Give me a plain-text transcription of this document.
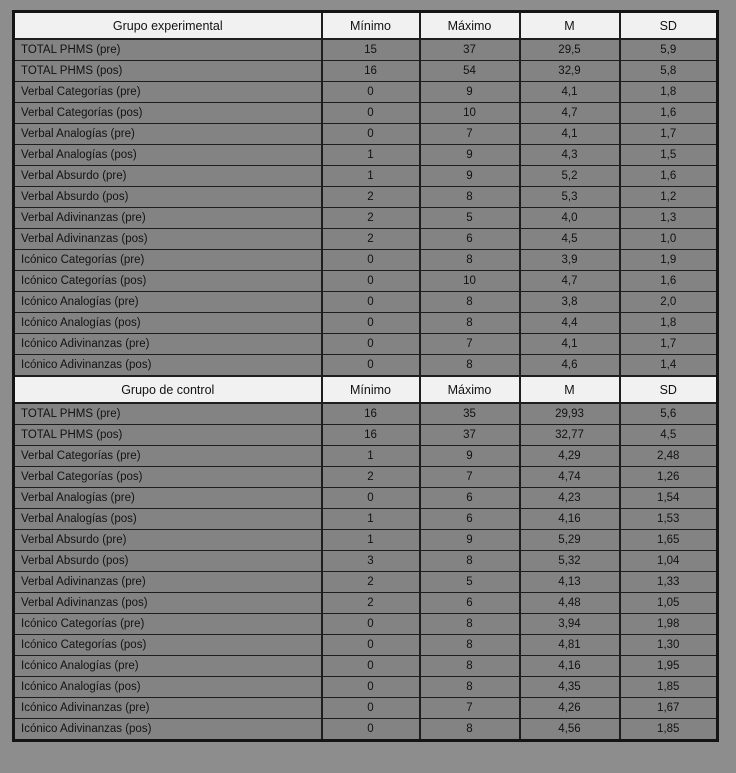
Grupo experimental	Mínimo	Máximo	M	SD
TOTAL PHMS (pre)	15	37	29,5	5,9
TOTAL PHMS (pos)	16	54	32,9	5,8
Verbal Categorías (pre)	0	9	4,1	1,8
Verbal Categorías (pos)	0	10	4,7	1,6
Verbal Analogías (pre)	0	7	4,1	1,7
Verbal Analogías (pos)	1	9	4,3	1,5
Verbal Absurdo (pre)	1	9	5,2	1,6
Verbal Absurdo (pos)	2	8	5,3	1,2
Verbal Adivinanzas (pre)	2	5	4,0	1,3
Verbal Adivinanzas (pos)	2	6	4,5	1,0
Icónico Categorías (pre)	0	8	3,9	1,9
Icónico Categorías (pos)	0	10	4,7	1,6
Icónico Analogías (pre)	0	8	3,8	2,0
Icónico Analogías (pos)	0	8	4,4	1,8
Icónico Adivinanzas (pre)	0	7	4,1	1,7
Icónico Adivinanzas (pos)	0	8	4,6	1,4
Grupo de control	Mínimo	Máximo	M	SD
TOTAL PHMS (pre)	16	35	29,93	5,6
TOTAL PHMS (pos)	16	37	32,77	4,5
Verbal Categorías (pre)	1	9	4,29	2,48
Verbal Categorías (pos)	2	7	4,74	1,26
Verbal Analogías (pre)	0	6	4,23	1,54
Verbal Analogías (pos)	1	6	4,16	1,53
Verbal Absurdo (pre)	1	9	5,29	1,65
Verbal Absurdo (pos)	3	8	5,32	1,04
Verbal Adivinanzas (pre)	2	5	4,13	1,33
Verbal Adivinanzas (pos)	2	6	4,48	1,05
Icónico Categorías (pre)	0	8	3,94	1,98
Icónico Categorías (pos)	0	8	4,81	1,30
Icónico Analogías (pre)	0	8	4,16	1,95
Icónico Analogías (pos)	0	8	4,35	1,85
Icónico Adivinanzas (pre)	0	7	4,26	1,67
Icónico Adivinanzas (pos)	0	8	4,56	1,85
